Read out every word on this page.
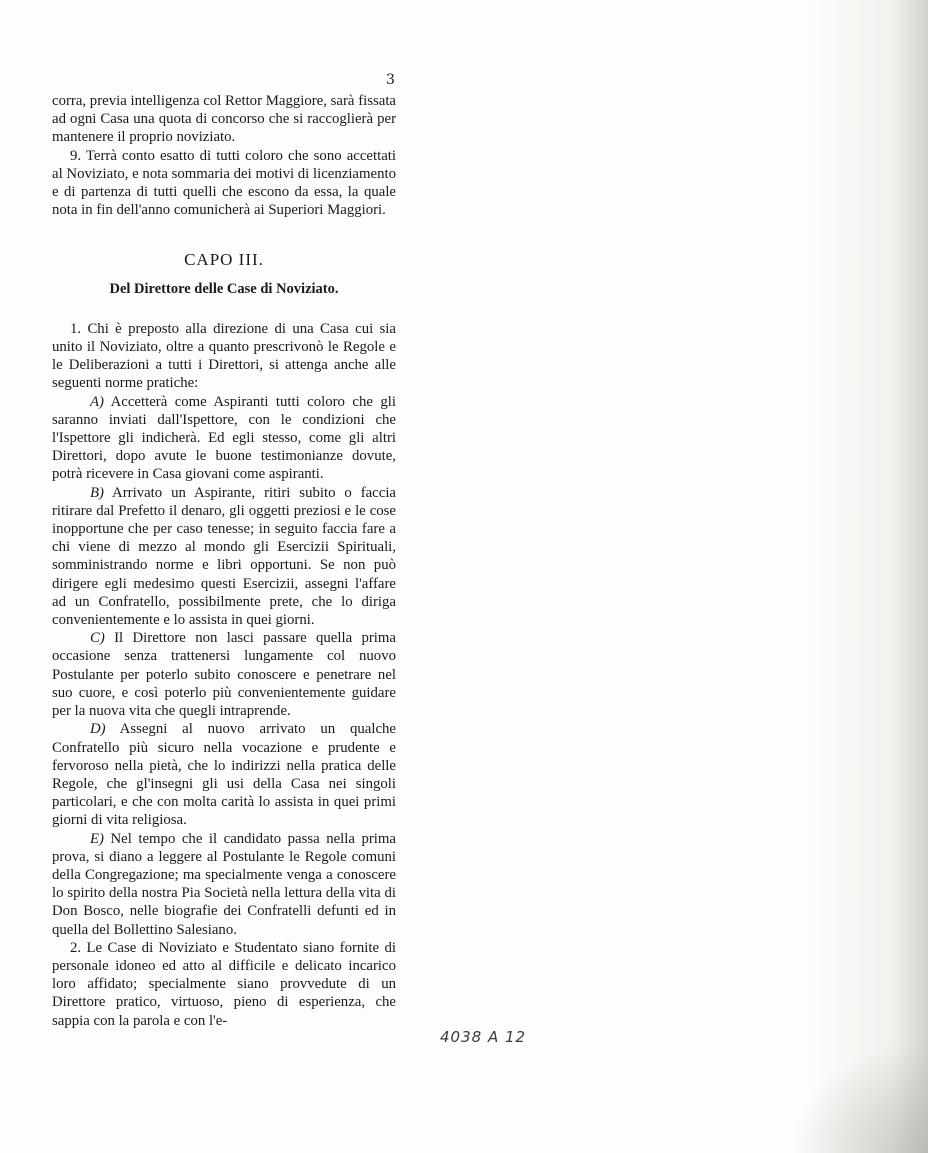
3

corra, previa intelligenza col Rettor Maggiore, sarà fissata ad ogni Casa una quota di concorso che si raccoglierà per mantenere il proprio noviziato.

9. Terrà conto esatto di tutti coloro che sono accettati al Noviziato, e nota sommaria dei motivi di licenziamento e di partenza di tutti quelli che escono da essa, la quale nota in fin dell'anno comunicherà ai Superiori Maggiori.

CAPO III.
Del Direttore delle Case di Noviziato.

1. Chi è preposto alla direzione di una Casa cui sia unito il Noviziato, oltre a quanto prescrivonò le Regole e le Deliberazioni a tutti i Direttori, si attenga anche alle seguenti norme pratiche:

A) Accetterà come Aspiranti tutti coloro che gli saranno inviati dall'Ispettore, con le condizioni che l'Ispettore gli indicherà. Ed egli stesso, come gli altri Direttori, dopo avute le buone testimonianze dovute, potrà ricevere in Casa giovani come aspiranti.

B) Arrivato un Aspirante, ritiri subito o faccia ritirare dal Prefetto il denaro, gli oggetti preziosi e le cose inopportune che per caso tenesse; in seguito faccia fare a chi viene di mezzo al mondo gli Esercizii Spirituali, somministrando norme e libri opportuni. Se non può dirigere egli medesimo questi Esercizii, assegni l'affare ad un Confratello, possibilmente prete, che lo diriga convenientemente e lo assista in quei giorni.

C) Il Direttore non lasci passare quella prima occasione senza trattenersi lungamente col nuovo Postulante per poterlo subito conoscere e penetrare nel suo cuore, e così poterlo più convenientemente guidare per la nuova vita che quegli intraprende.

D) Assegni al nuovo arrivato un qualche Confratello più sicuro nella vocazione e prudente e fervoroso nella pietà, che lo indirizzi nella pratica delle Regole, che gl'insegni gli usi della Casa nei singoli particolari, e che con molta carità lo assista in quei primi giorni di vita religiosa.

E) Nel tempo che il candidato passa nella prima prova, si diano a leggere al Postulante le Regole comuni della Congregazione; ma specialmente venga a conoscere lo spirito della nostra Pia Società nella lettura della vita di Don Bosco, nelle biografie dei Confratelli defunti ed in quella del Bollettino Salesiano.

2. Le Case di Noviziato e Studentato siano fornite di personale idoneo ed atto al difficile e delicato incarico loro affidato; specialmente siano provvedute di un Direttore pratico, virtuoso, pieno di esperienza, che sappia con la parola e con l'e-

4038 A 12
